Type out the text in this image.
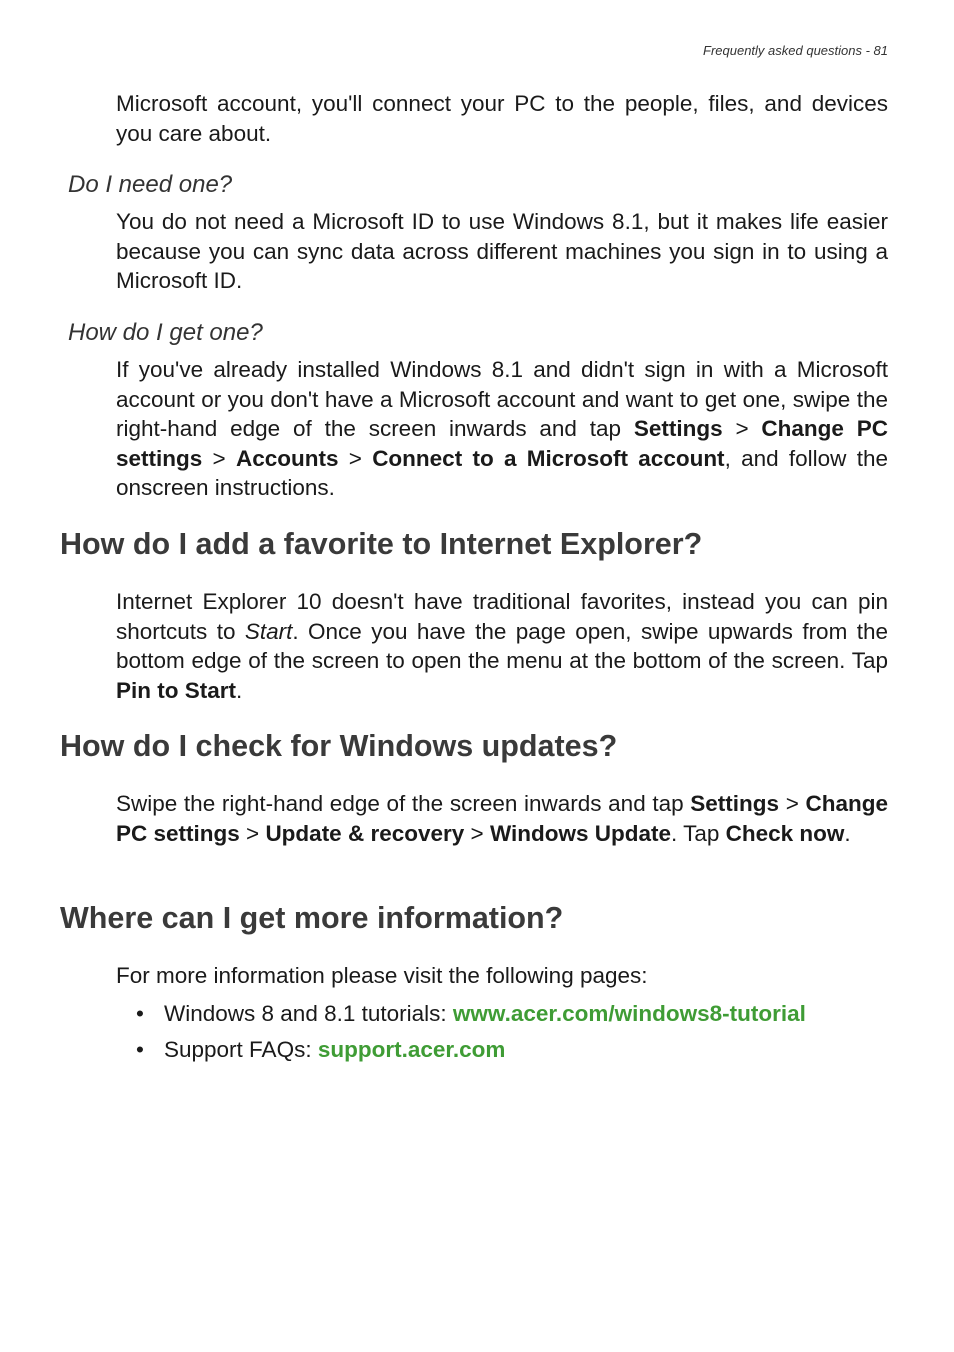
Frequently asked questions - 81

Microsoft account, you'll connect your PC to the people, files, and devices you care about.

Do I need one?

You do not need a Microsoft ID to use Windows 8.1, but it makes life easier because you can sync data across different machines you sign in to using a Microsoft ID.

How do I get one?

If you've already installed Windows 8.1 and didn't sign in with a Microsoft account or you don't have a Microsoft account and want to get one, swipe the right-hand edge of the screen inwards and tap Settings > Change PC settings > Accounts > Connect to a Microsoft account, and follow the onscreen instructions.

How do I add a favorite to Internet Explorer?

Internet Explorer 10 doesn't have traditional favorites, instead you can pin shortcuts to Start. Once you have the page open, swipe upwards from the bottom edge of the screen to open the menu at the bottom of the screen. Tap Pin to Start.

How do I check for Windows updates?

Swipe the right-hand edge of the screen inwards and tap Settings > Change PC settings > Update & recovery > Windows Update. Tap Check now.

Where can I get more information?

For more information please visit the following pages:

• Windows 8 and 8.1 tutorials: www.acer.com/windows8-tutorial
• Support FAQs: support.acer.com
